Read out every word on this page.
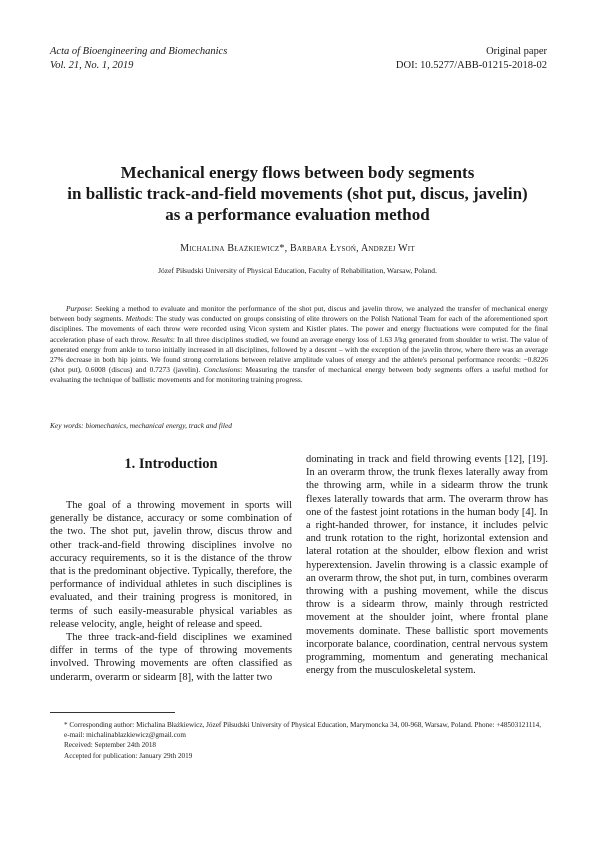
Acta of Bioengineering and Biomechanics
Vol. 21, No. 1, 2019
Original paper
DOI: 10.5277/ABB-01215-2018-02
Mechanical energy flows between body segments
in ballistic track-and-field movements (shot put, discus, javelin)
as a performance evaluation method
Michalina Błażkiewicz*, Barbara Łysoń, Andrzej Wit
Józef Piłsudski University of Physical Education, Faculty of Rehabilitation, Warsaw, Poland.
Purpose: Seeking a method to evaluate and monitor the performance of the shot put, discus and javelin throw, we analyzed the transfer of mechanical energy between body segments. Methods: The study was conducted on groups consisting of elite throwers on the Polish National Team for each of the aforementioned sport disciplines. The movements of each throw were recorded using Vicon system and Kistler plates. The power and energy fluctuations were computed for the final acceleration phase of each throw. Results: In all three disciplines studied, we found an average energy loss of 1.63 J/kg generated from shoulder to wrist. The value of generated energy from ankle to torso initially increased in all disciplines, followed by a descent – with the exception of the javelin throw, where there was an average 27% decrease in both hip joints. We found strong correlations between relative amplitude values of energy and the athlete's personal performance records: −0.8226 (shot put), 0.6008 (discus) and 0.7273 (javelin). Conclusions: Measuring the transfer of mechanical energy between body segments offers a useful method for evaluating the technique of ballistic movements and for monitoring training progress.
Key words: biomechanics, mechanical energy, track and filed
1. Introduction

The goal of a throwing movement in sports will generally be distance, accuracy or some combination of the two. The shot put, javelin throw, discus throw and other track-and-field throwing disciplines involve no accuracy requirements, so it is the distance of the throw that is the predominant objective. Typically, therefore, the performance of individual athletes in such disciplines is evaluated, and their training progress is monitored, in terms of such easily-measurable physical variables as release velocity, angle, height of release and speed.

The three track-and-field disciplines we examined differ in terms of the type of throwing movements involved. Throwing movements are often classified as underarm, overarm or sidearm [8], with the latter two

dominating in track and field throwing events [12], [19]. In an overarm throw, the trunk flexes laterally away from the throwing arm, while in a sidearm throw the trunk flexes laterally towards that arm. The overarm throw has one of the fastest joint rotations in the human body [4]. In a right-handed thrower, for instance, it includes pelvic and trunk rotation to the right, horizontal extension and lateral rotation at the shoulder, elbow flexion and wrist hyperextension. Javelin throwing is a classic example of an overarm throw, the shot put, in turn, combines overarm throwing with a pushing movement, while the discus throw is a sidearm throw, mainly through restricted movement at the shoulder joint, where frontal plane movements dominate. These ballistic sport movements incorporate balance, coordination, central nervous system programming, momentum and generating mechanical energy from the musculoskeletal system.

* Corresponding author: Michalina Błażkiewicz, Józef Piłsudski University of Physical Education, Marymoncka 34, 00-968, Warsaw, Poland. Phone: +48503121114, e-mail: michalinablazkiewicz@gmail.com
Received: September 24th 2018
Accepted for publication: January 29th 2019
